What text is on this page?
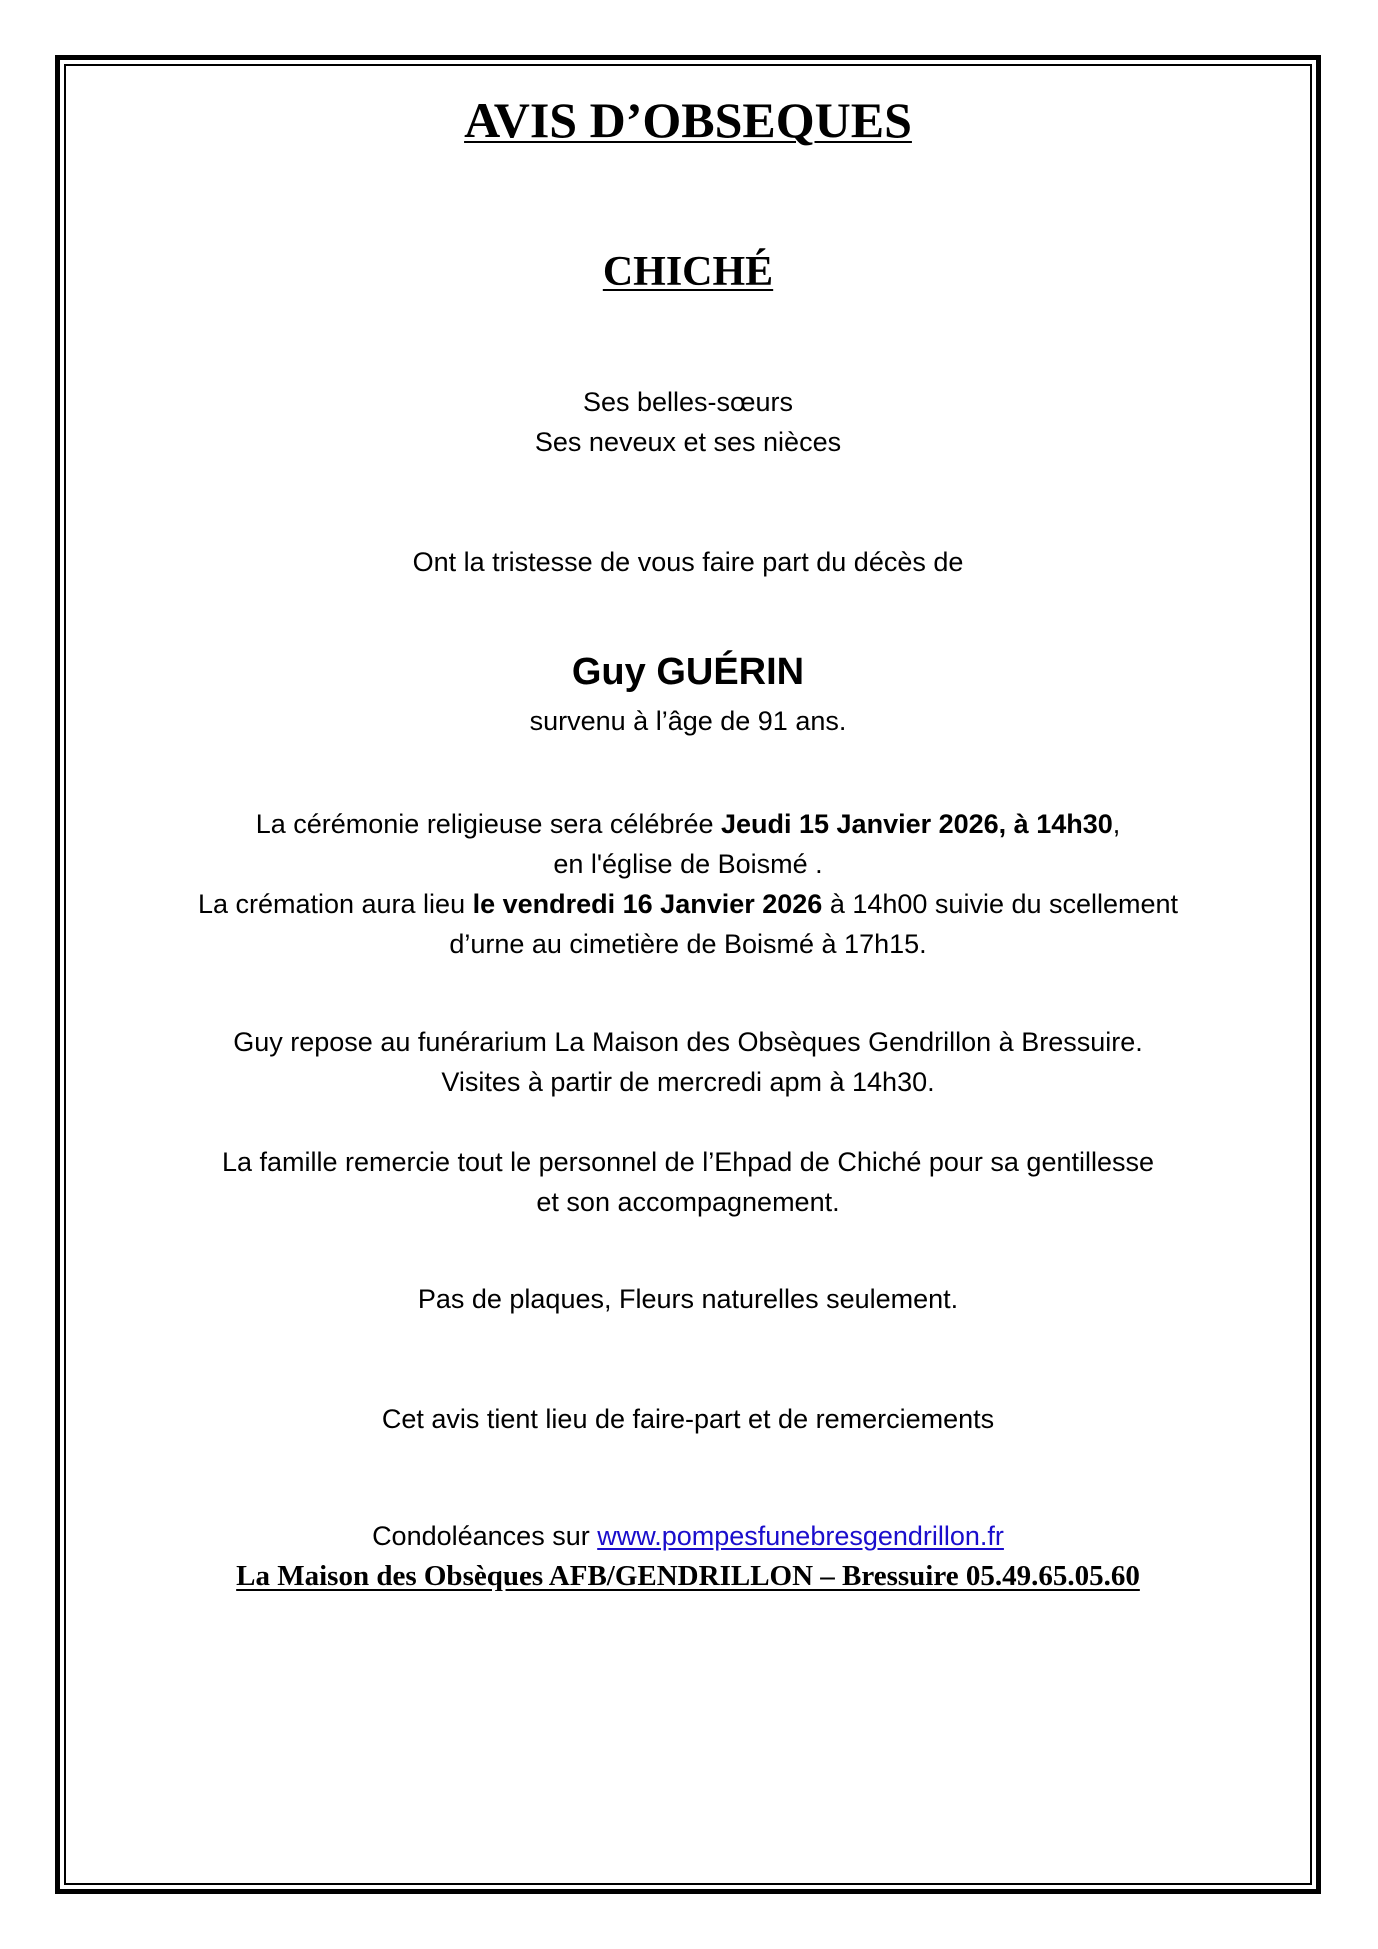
AVIS D’OBSEQUES
CHICHÉ
Ses belles-sœurs
Ses neveux et ses nièces
Ont la tristesse de vous faire part du décès de
Guy GUÉRIN
survenu à l’âge de 91 ans.
La cérémonie religieuse sera célébrée Jeudi 15 Janvier 2026, à 14h30,
en l'église de Boismé .
La crémation aura lieu le vendredi 16 Janvier 2026 à 14h00 suivie du scellement
d’urne au cimetière de Boismé à 17h15.
Guy repose au funérarium La Maison des Obsèques Gendrillon à Bressuire.
Visites à partir de mercredi apm à 14h30.
La famille remercie tout le personnel de l’Ehpad de Chiché pour sa gentillesse
et son accompagnement.
Pas de plaques, Fleurs naturelles seulement.
Cet avis tient lieu de faire-part et de remerciements
Condoléances sur www.pompesfunebresgendrillon.fr
La Maison des Obsèques AFB/GENDRILLON – Bressuire 05.49.65.05.60
